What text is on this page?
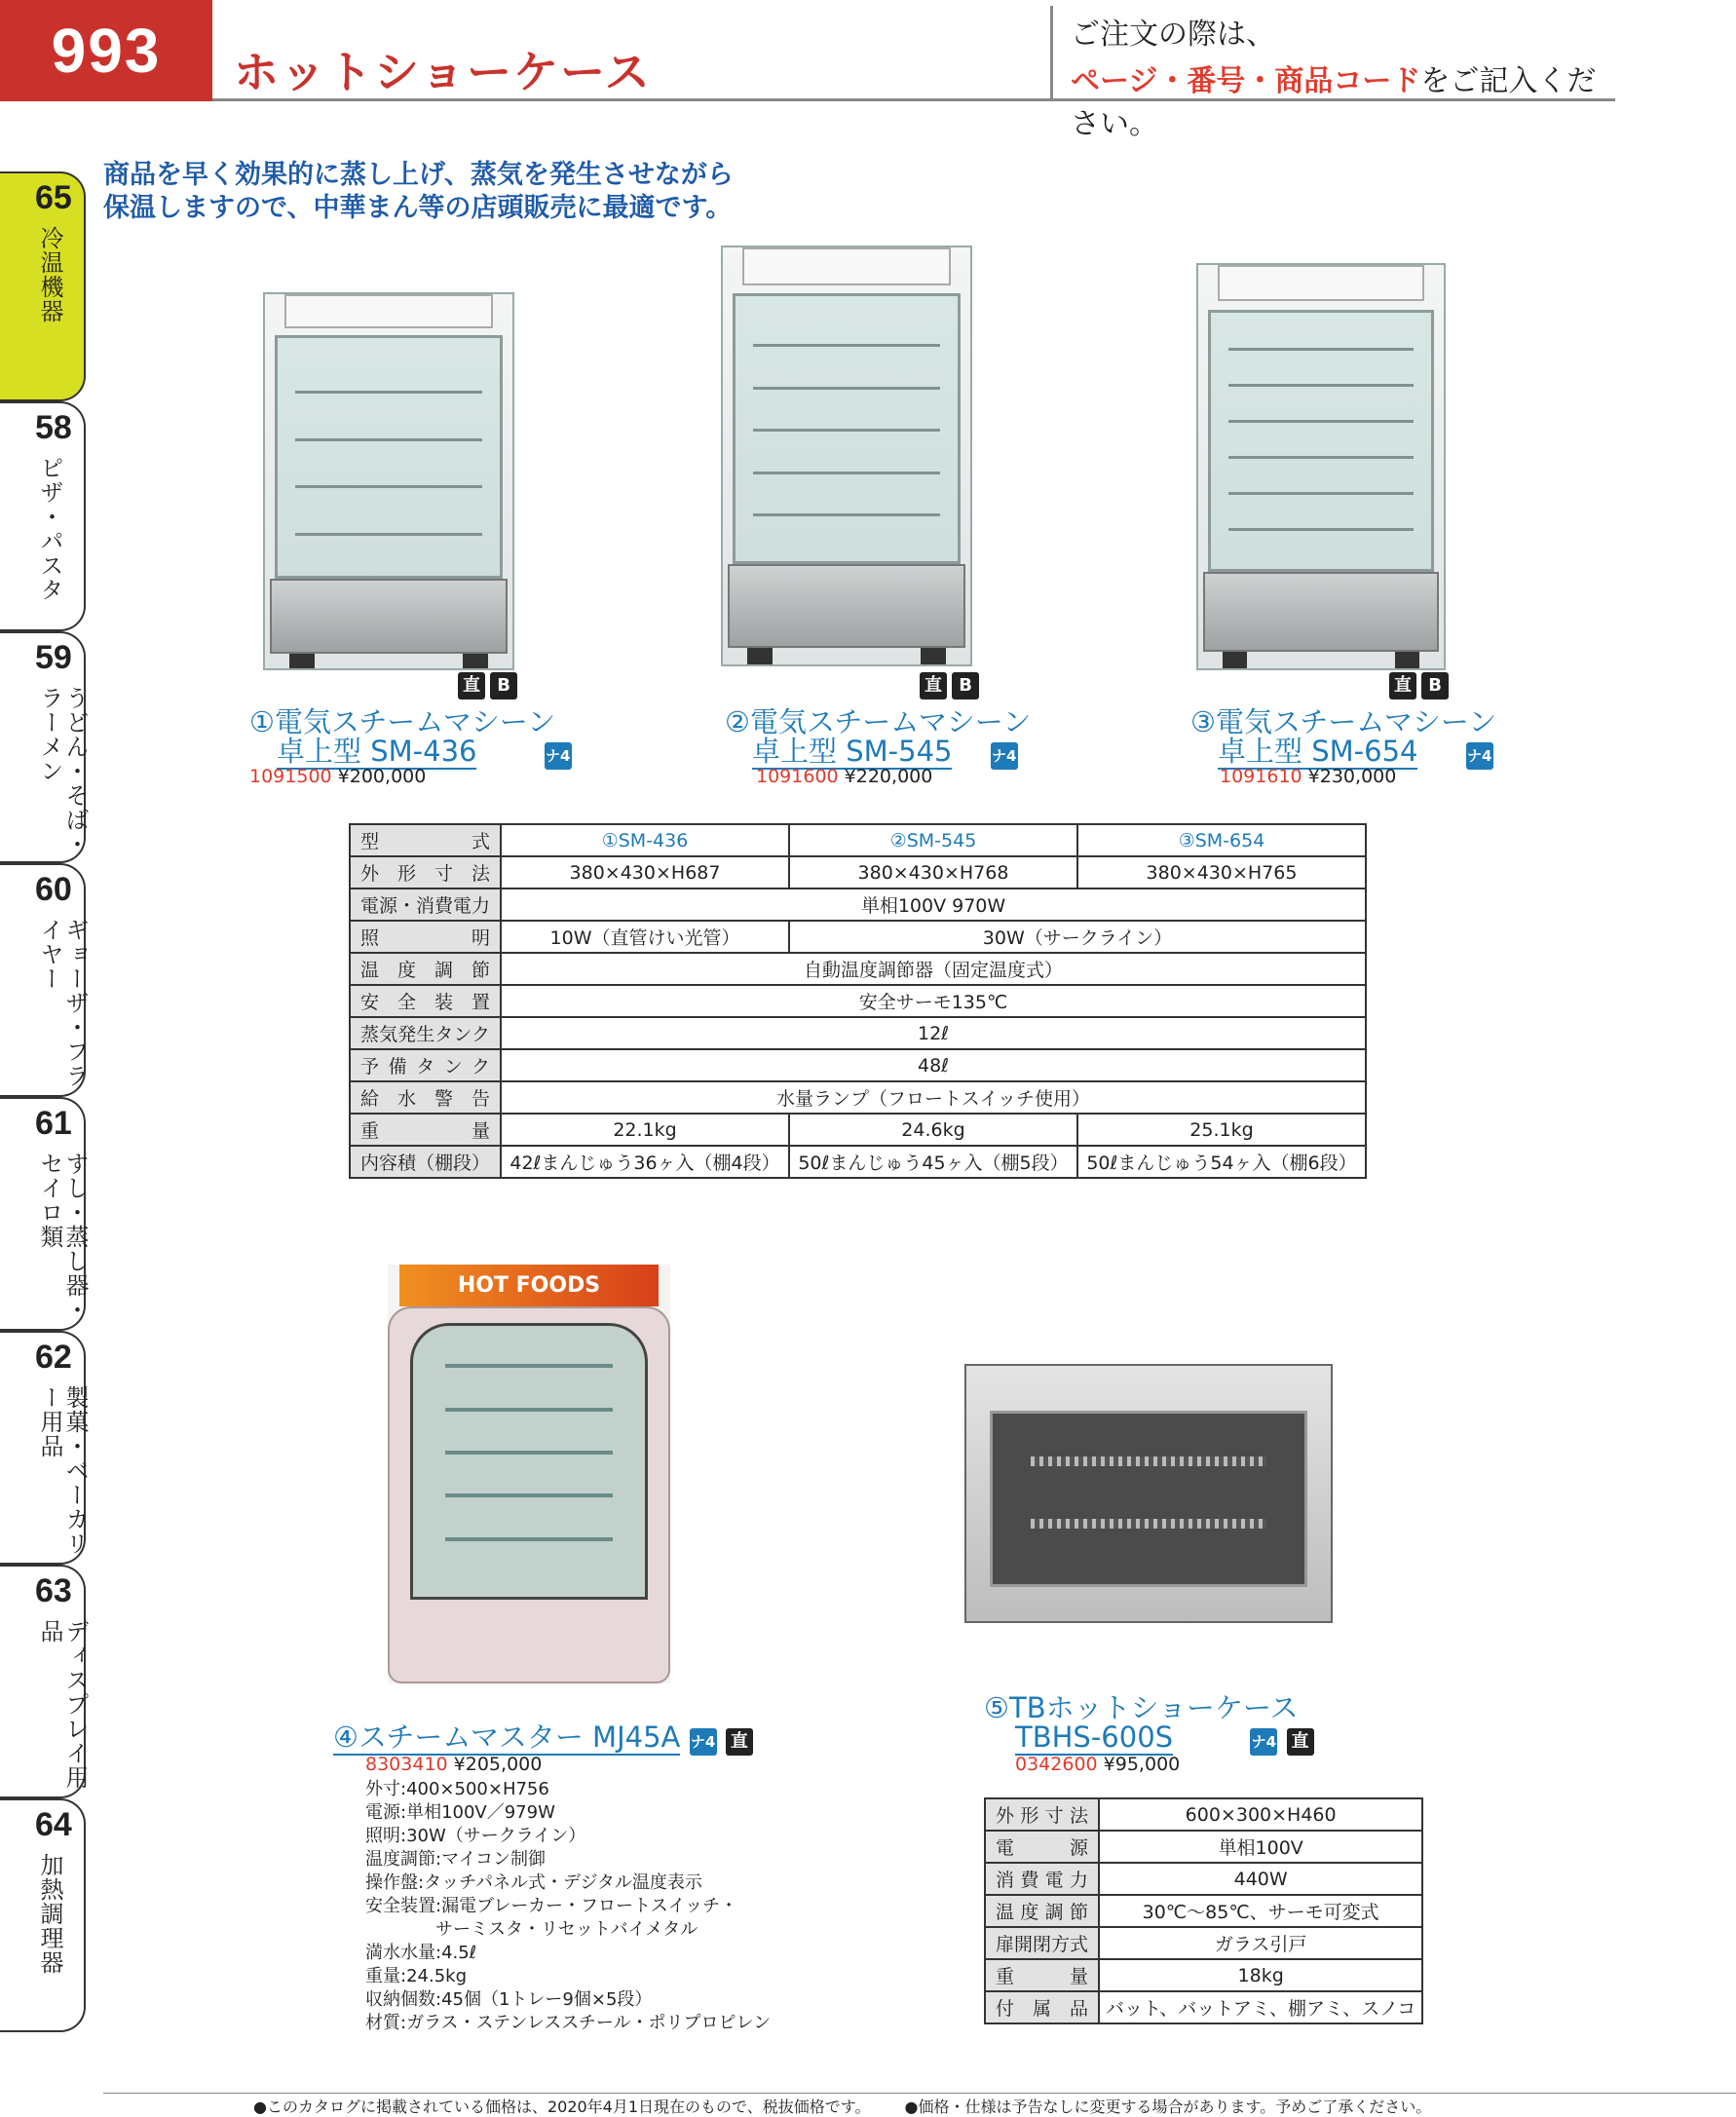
993	ホットショーケース
ご注文の際は、
ページ・番号・商品コードをご記入ください。
65
冷温機器
58
ピザ・パスタ
59
うどん・そば・ラーメン
60
ギョーザ・フライヤー
61
すし・蒸し器・セイロ類
62
製菓・ベーカリー用品
63
ディスプレイ用品
64
加熱調理器
商品を早く効果的に蒸し上げ、蒸気を発生させながら
保温しますので、中華まん等の店頭販売に最適です。
直 B
①電気スチームマシーン
卓上型 SM-436	ナ4
1091500 ¥200,000
直 B
②電気スチームマシーン
卓上型 SM-545	ナ4
1091600 ¥220,000
直 B
③電気スチームマシーン
卓上型 SM-654	ナ4
1091610 ¥230,000
型式	①SM-436	②SM-545	③SM-654
外形寸法	380×430×H687	380×430×H768	380×430×H765
電源・消費電力	単相100V 970W		
照明	10W（直管けい光管）	30W（サークライン）	
温度調節	自動温度調節器（固定温度式）		
安全装置	安全サーモ135℃		
蒸気発生タンク	12ℓ		
予備タンク	48ℓ		
給水警告	水量ランプ（フロートスイッチ使用）		
重量	22.1kg	24.6kg	25.1kg
内容積（棚段）	42ℓまんじゅう36ヶ入（棚4段）	50ℓまんじゅう45ヶ入（棚5段）	50ℓまんじゅう54ヶ入（棚6段）
HOT FOODS
④スチームマスター MJ45A ナ4 直
8303410 ¥205,000
外寸:400×500×H756
電源:単相100V／979W
照明:30W（サークライン）
温度調節:マイコン制御
操作盤:タッチパネル式・デジタル温度表示
安全装置:漏電ブレーカー・フロートスイッチ・
　　　　サーミスタ・リセットバイメタル
満水水量:4.5ℓ
重量:24.5kg
収納個数:45個（1トレー9個×5段）
材質:ガラス・ステンレススチール・ポリプロピレン
⑤TBホットショーケース
TBHS-600S	ナ4 直
0342600 ¥95,000
外形寸法	600×300×H460
電源	単相100V
消費電力	440W
温度調節	30℃〜85℃、サーモ可変式
扉開閉方式	ガラス引戸
重量	18kg
付属品	バット、バットアミ、棚アミ、スノコ
●このカタログに掲載されている価格は、2020年4月1日現在のもので、税抜価格です。 ●価格・仕様は予告なしに変更する場合があります。予めご了承ください。
